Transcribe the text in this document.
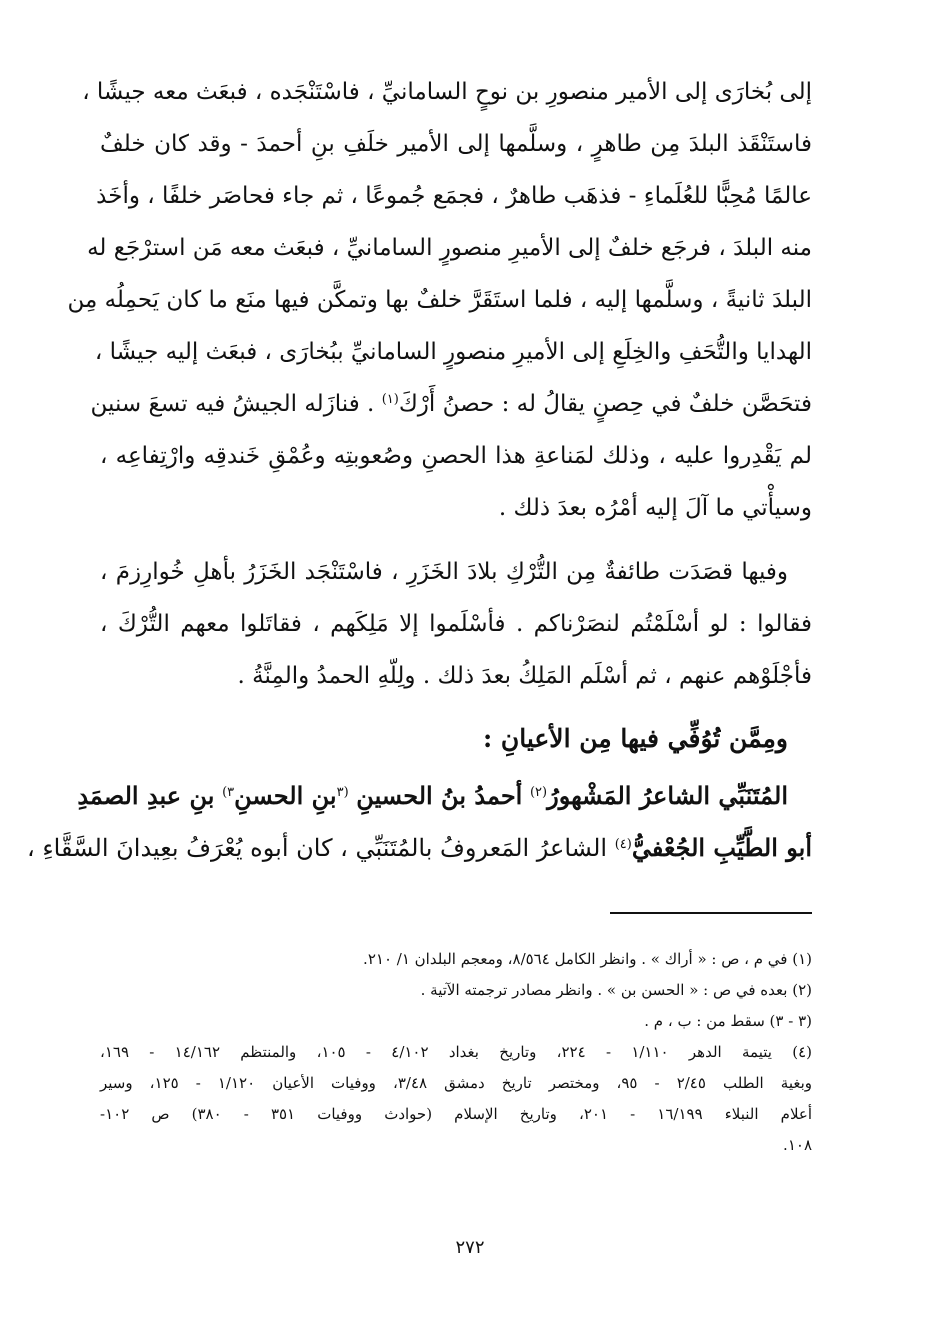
إلى بُخارَى إلى الأمير منصورِ بن نوحٍ السامانيِّ ، فاسْتَنْجَده ، فبعَث معه جيشًا ،
فاستَنْقَذ البلدَ مِن طاهرٍ ، وسلَّمها إلى الأمير خلَفِ بنِ أحمدَ - وقد كان خلفٌ
عالمًا مُحِبًّا للعُلَماءِ - فذهَب طاهرٌ ، فجمَع جُموعًا ، ثم جاء فحاصَر خلفًا ، وأخَذ
منه البلدَ ، فرجَع خلفٌ إلى الأميرِ منصورٍ السامانيِّ ، فبعَث معه مَن استرْجَع له
البلدَ ثانيةً ، وسلَّمها إليه ، فلما استَقَرَّ خلفٌ بها وتمكَّن فيها منَع ما كان يَحمِلُه مِن
الهدايا والتُّحَفِ والخِلَعِ إلى الأميرِ منصورٍ السامانيِّ ببُخارَى ، فبعَث إليه جيشًا ،
فتحَصَّن خلفٌ في حِصنٍ يقالُ له : حصنُ أَرْكَ$^{(١)}$ . فنازَله الجيشُ فيه تسعَ سنين
لم يَقْدِروا عليه ، وذلك لمَناعةِ هذا الحصنِ وصُعوبتِه وعُمْقِ خَندقِه وارْتِفاعِه ،
وسيأْتي ما آلَ إليه أمْرُه بعدَ ذلك .
وفيها قصَدَت طائفةٌ مِن التُّرْكِ بلادَ الخَزَرِ ، فاسْتَنْجَد الخَزَرُ بأهلِ خُوارِزمَ ،
فقالوا : لو أسْلَمْتُم لنصَرْناكم . فأسْلَموا إلا مَلِكَهم ، فقاتَلوا معهم التُّرْكَ ،
فأجْلَوْهم عنهم ، ثم أسْلَم المَلِكُ بعدَ ذلك . ولِلّهِ الحمدُ والمِنَّةُ .
ومِمَّن تُوُفِّي فيها مِن الأعيانِ :
المُتَنَبِّي الشاعرُ المَشْهورُ$^{(٢)}$ أحمدُ بنُ الحسينِ $^{(٣}$بنِ الحسنِ$^{٣)}$ بنِ عبدِ الصمَدِ
أبو الطَّيِّبِ الجُعْفيُّ$^{(٤)}$ الشاعرُ المَعروفُ بالمُتَنَبِّي ، كان أبوه يُعْرَفُ بعِيدانَ السَّقَّاءِ ،
(١) في م ، ص : « أراك » . وانظر الكامل ٨/٥٦٤، ومعجم البلدان ١/ ٢١٠.
(٢) بعده في ص : « الحسن بن » . وانظر مصادر ترجمته الآتية .
(٣ - ٣) سقط من : ب ، م .
(٤) يتيمة الدهر ١/١١٠ - ٢٢٤، وتاريخ بغداد ٤/١٠٢ - ١٠٥، والمنتظم ١٤/١٦٢ - ١٦٩،
وبغية الطلب ٢/٤٥ - ٩٥، ومختصر تاريخ دمشق ٣/٤٨، ووفيات الأعيان ١/١٢٠ - ١٢٥، وسير
أعلام النبلاء ١٦/١٩٩ - ٢٠١، وتاريخ الإسلام (حوادث ووفيات ٣٥١ - ٣٨٠) ص ١٠٢-
١٠٨.
٢٧٢
